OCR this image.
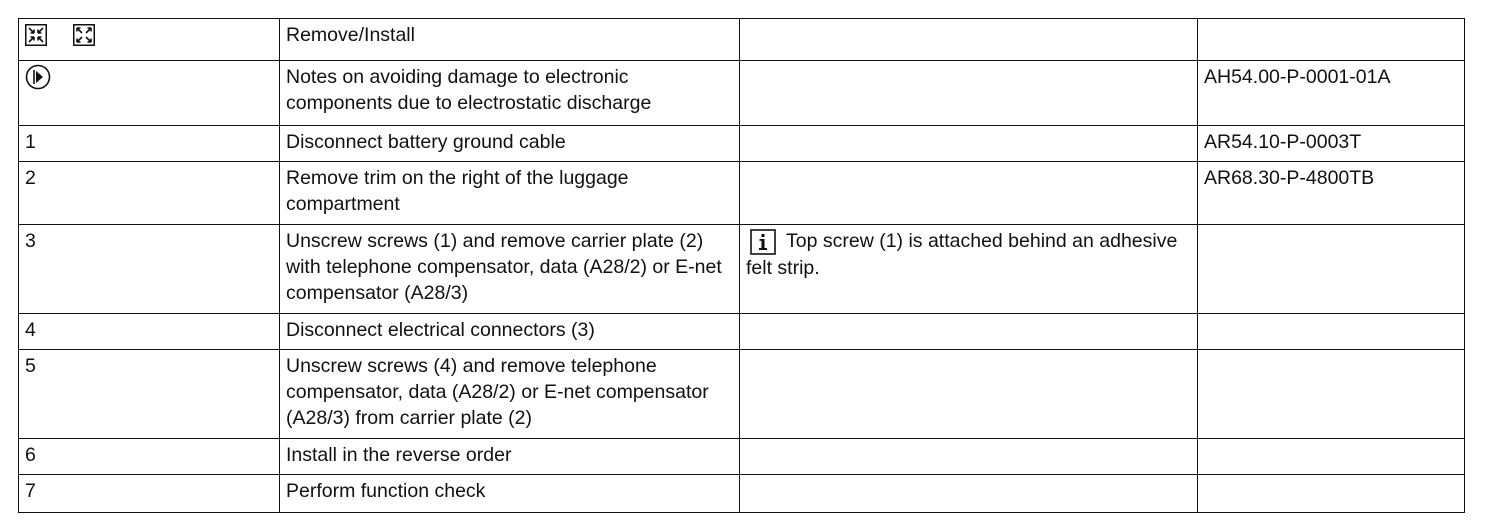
	Remove/Install		
	Notes on avoiding damage to electronic components due to electrostatic discharge		AH54.00-P-0001-01A
1	Disconnect battery ground cable		AR54.10-P-0003T
2	Remove trim on the right of the luggage compartment		AR68.30-P-4800TB
3	Unscrew screws (1) and remove carrier plate (2) with telephone compensator, data (A28/2) or E-net compensator (A28/3)	Top screw (1) is attached behind an adhesive felt strip.	
4	Disconnect electrical connectors (3)		
5	Unscrew screws (4) and remove telephone compensator, data (A28/2) or E-net compensator (A28/3) from carrier plate (2)		
6	Install in the reverse order		
7	Perform function check		
